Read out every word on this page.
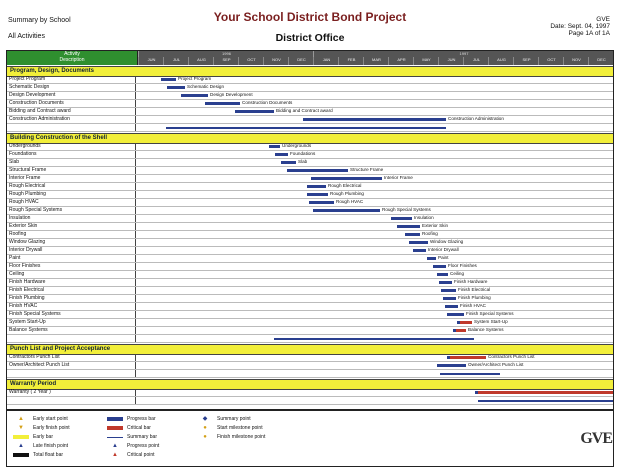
Summary by School
All Activities
Your School District Bond Project
District Office
GVE
Date: Sept. 04, 1997
Page 1A of 1A
Activity
Description
1996	1997
JUN	JUL	AUG	SEP	OCT	NOV	DEC	JAN	FEB	MAR	APR	MAY	JUN	JUL	AUG	SEP	OCT	NOV	DEC
Program, Design, Documents
Project Program	Project Program
Schematic Design	Schematic Design
Design Development	Design Development
Construction Documents	Construction Documents
Bidding and Contract award	Bidding and Contract award
Construction Administration	Construction Administration
Building Construction of the Shell
Undergrounds	Undergrounds
Foundations	Foundations
Slab	Slab
Structural Frame	Structure Frame
Interior Frame	Interior Frame
Rough Electrical	Rough Electrical
Rough Plumbing	Rough Plumbing
Rough HVAC	Rough HVAC
Rough Special Systems	Rough Special Systems
Insulation	Insulation
Exterior Skin	Exterior Skin
Roofing	Roofing
Window Glazing	Window Glazing
Interior Drywall	Interior Drywall
Paint	Paint
Floor Finishes	Floor Finishes
Ceiling	Ceiling
Finish Hardware	Finish Hardware
Finish Electrical	Finish Electrical
Finish Plumbing	Finish Plumbing
Finish HVAC	Finish HVAC
Finish Special Systems	Finish Special Systems
System Start-Up	System Start-Up
Balance Systems	Balance Systems
Punch List and Project Acceptance
Contractors Punch List	Contractors Punch List
Owner/Architect Punch List	Owner/Architect Punch List
Warranty Period
Warranty ( 2 Year )
▲	Early start point
▼	Early finish point
Early bar
▲	Late finish point
Total float bar
Progress bar
Critical bar
Summary bar
▲	Progress point
▲	Critical point
◆	Summary point
●	Start milestone point
●	Finish milestone point	GVE
